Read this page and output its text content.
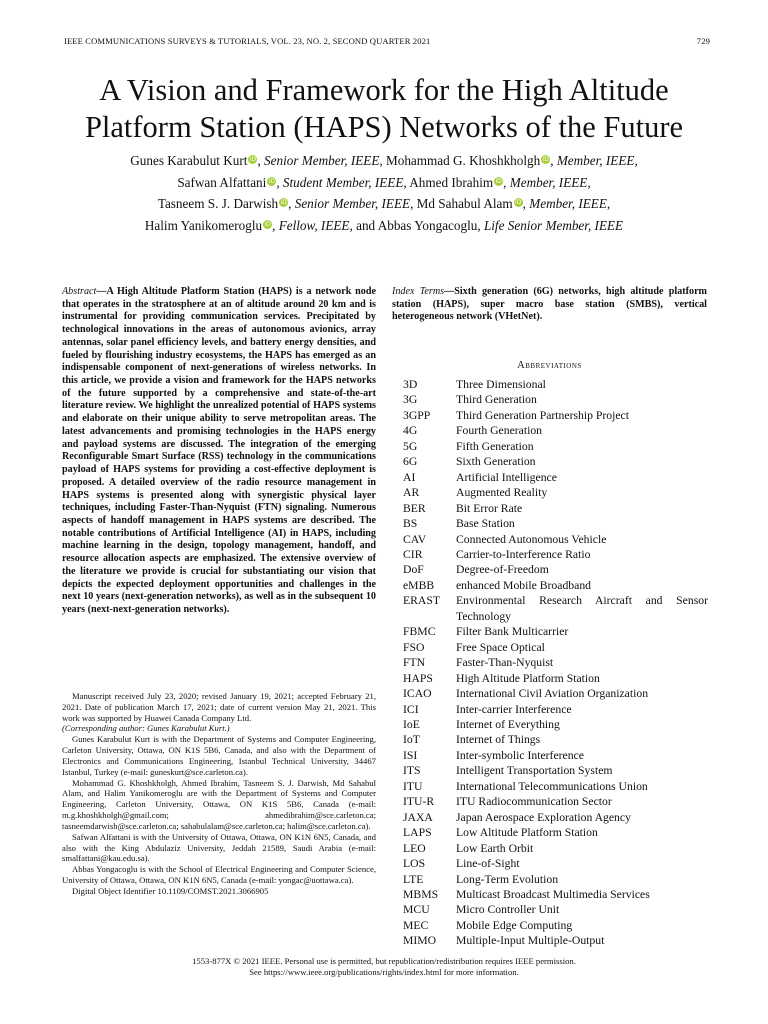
IEEE COMMUNICATIONS SURVEYS & TUTORIALS, VOL. 23, NO. 2, SECOND QUARTER 2021	729
A Vision and Framework for the High Altitude
Platform Station (HAPS) Networks of the Future
Gunes Karabulut Kurt iD, Senior Member, IEEE, Mohammad G. Khoshkholgh iD, Member, IEEE,
Safwan Alfattani iD, Student Member, IEEE, Ahmed Ibrahim iD, Member, IEEE,
Tasneem S. J. Darwish iD, Senior Member, IEEE, Md Sahabul Alam iD, Member, IEEE,
Halim Yanikomeroglu iD, Fellow, IEEE, and Abbas Yongacoglu, Life Senior Member, IEEE
Abstract—A High Altitude Platform Station (HAPS) is a network node that operates in the stratosphere at an of altitude around 20 km and is instrumental for providing communication services. Precipitated by technological innovations in the areas of autonomous avionics, array antennas, solar panel efficiency levels, and battery energy densities, and fueled by flourishing industry ecosystems, the HAPS has emerged as an indispensable component of next-generations of wireless networks. In this article, we provide a vision and framework for the HAPS networks of the future supported by a comprehensive and state-of-the-art literature review. We highlight the unrealized potential of HAPS systems and elaborate on their unique ability to serve metropolitan areas. The latest advancements and promising technologies in the HAPS energy and payload systems are discussed. The integration of the emerging Reconfigurable Smart Surface (RSS) technology in the communications payload of HAPS systems for providing a cost-effective deployment is proposed. A detailed overview of the radio resource management in HAPS systems is presented along with synergistic physical layer techniques, including Faster-Than-Nyquist (FTN) signaling. Numerous aspects of handoff management in HAPS systems are described. The notable contributions of Artificial Intelligence (AI) in HAPS, including machine learning in the design, topology management, handoff, and resource allocation aspects are emphasized. The extensive overview of the literature we provide is crucial for substantiating our vision that depicts the expected deployment opportunities and challenges in the next 10 years (next-generation networks), as well as in the subsequent 10 years (next-next-generation networks).
Index Terms—Sixth generation (6G) networks, high altitude platform station (HAPS), super macro base station (SMBS), vertical heterogeneous network (VHetNet).
Abbreviations
3D	Three Dimensional
3G	Third Generation
3GPP	Third Generation Partnership Project
4G	Fourth Generation
5G	Fifth Generation
6G	Sixth Generation
AI	Artificial Intelligence
AR	Augmented Reality
BER	Bit Error Rate
BS	Base Station
CAV	Connected Autonomous Vehicle
CIR	Carrier-to-Interference Ratio
DoF	Degree-of-Freedom
eMBB	enhanced Mobile Broadband
ERAST	Environmental Research Aircraft and Sensor Technology
FBMC	Filter Bank Multicarrier
FSO	Free Space Optical
FTN	Faster-Than-Nyquist
HAPS	High Altitude Platform Station
ICAO	International Civil Aviation Organization
ICI	Inter-carrier Interference
IoE	Internet of Everything
IoT	Internet of Things
ISI	Inter-symbolic Interference
ITS	Intelligent Transportation System
ITU	International Telecommunications Union
ITU-R	ITU Radiocommunication Sector
JAXA	Japan Aerospace Exploration Agency
LAPS	Low Altitude Platform Station
LEO	Low Earth Orbit
LOS	Line-of-Sight
LTE	Long-Term Evolution
MBMS	Multicast Broadcast Multimedia Services
MCU	Micro Controller Unit
MEC	Mobile Edge Computing
MIMO	Multiple-Input Multiple-Output

Manuscript received July 23, 2020; revised January 19, 2021; accepted February 21, 2021. Date of publication March 17, 2021; date of current version May 21, 2021. This work was supported by Huawei Canada Company Ltd.

(Corresponding author: Gunes Karabulut Kurt.)

Gunes Karabulut Kurt is with the Department of Systems and Computer Engineering, Carleton University, Ottawa, ON K1S 5B6, Canada, and also with the Department of Electronics and Communications Engineering, Istanbul Technical University, 34467 Istanbul, Turkey (e-mail: guneskurt@sce.carleton.ca).

Mohammad G. Khoshkholgh, Ahmed Ibrahim, Tasneem S. J. Darwish, Md Sahabul Alam, and Halim Yanikomeroglu are with the Department of Systems and Computer Engineering, Carleton University, Ottawa, ON K1S 5B6, Canada (e-mail: m.g.khoshkholgh@gmail.com; ahmedibrahim@sce.carleton.ca; tasneemdarwish@sce.carleton.ca; sahabulalam@sce.carleton.ca; halim@sce.carleton.ca).

Safwan Alfattani is with the University of Ottawa, Ottawa, ON K1N 6N5, Canada, and also with the King Abdulaziz University, Jeddah 21589, Saudi Arabia (e-mail: smalfattani@kau.edu.sa).

Abbas Yongacoglu is with the School of Electrical Engineering and Computer Science, University of Ottawa, Ottawa, ON K1N 6N5, Canada (e-mail: yongac@uottawa.ca).

Digital Object Identifier 10.1109/COMST.2021.3066905

1553-877X © 2021 IEEE. Personal use is permitted, but republication/redistribution requires IEEE permission.
See https://www.ieee.org/publications/rights/index.html for more information.
